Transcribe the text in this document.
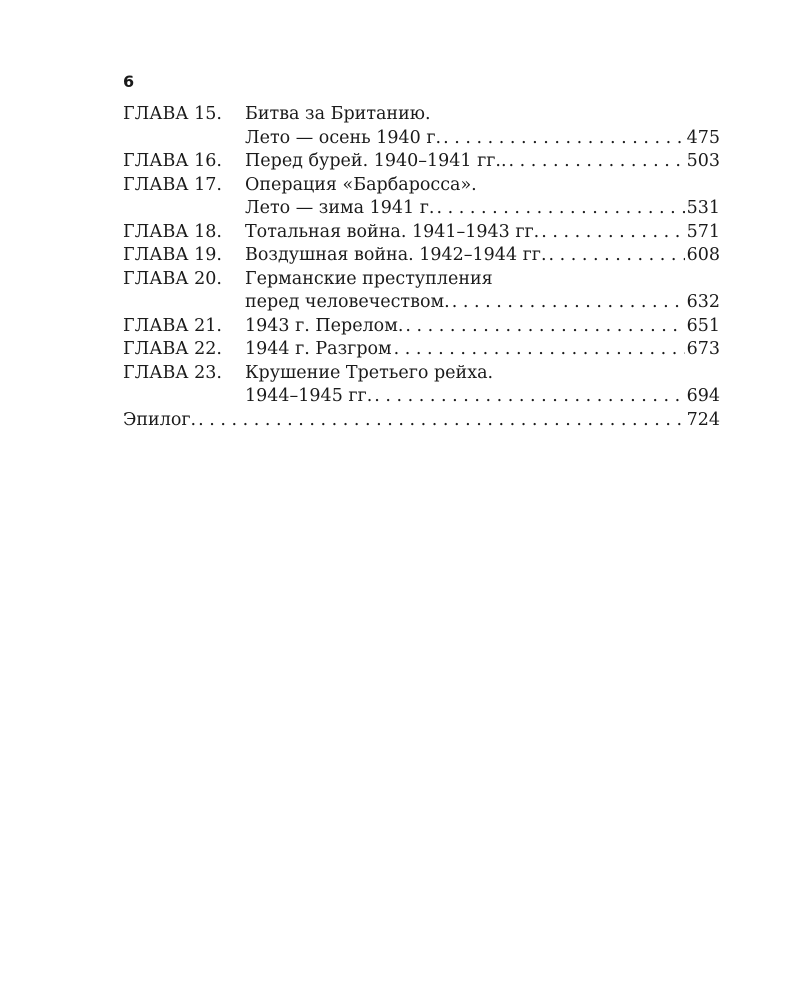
6
ГЛАВА 15.	Битва за Британию.
Лето — осень 1940 г. . . .	475
ГЛАВА 16.	Перед бурей. 1940–1941 гг.. . . .	503
ГЛАВА 17.	Операция «Барбаросса».
Лето — зима 1941 г. . . .	531
ГЛАВА 18.	Тотальная война. 1941–1943 гг. . . .	571
ГЛАВА 19.	Воздушная война. 1942–1944 гг. . . .	608
ГЛАВА 20.	Германские преступления
перед человечеством. . . .	632
ГЛАВА 21.	1943 г. Перелом. . . .	651
ГЛАВА 22.	1944 г. Разгром . . .	673
ГЛАВА 23.	Крушение Третьего рейха.
1944–1945 гг. . . .	694
Эпилог. . . .	724
